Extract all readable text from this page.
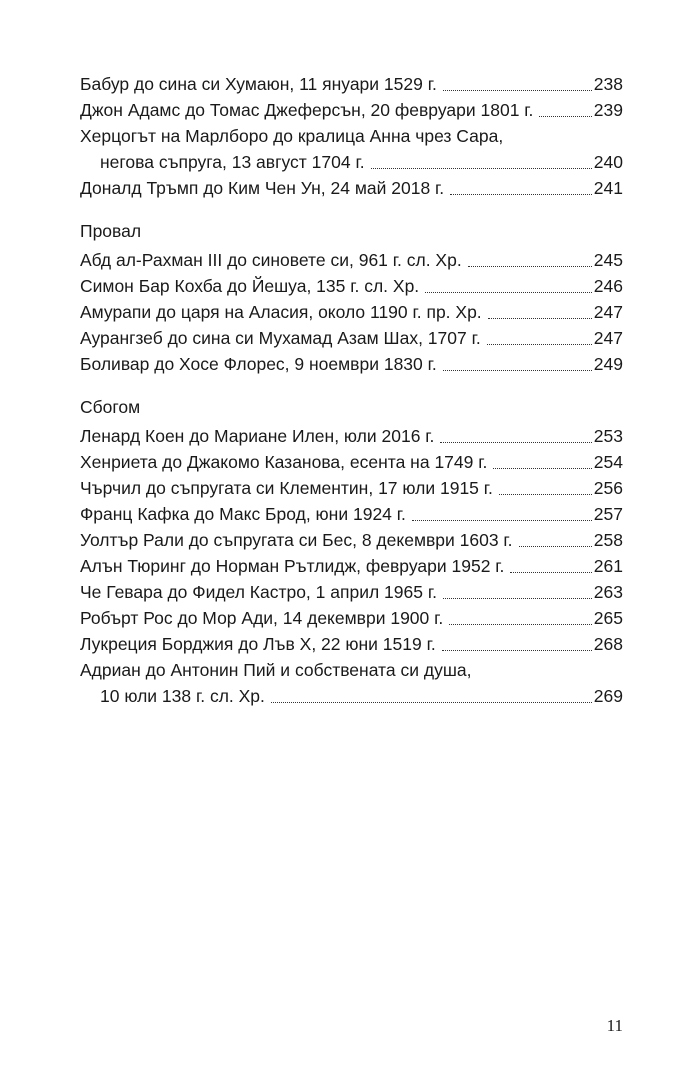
Бабур до сина си Хумаюн, 11 януари 1529 г.	238
Джон Адамс до Томас Джеферсън, 20 февруари 1801 г.	239
Херцогът на Марлборо до кралица Анна чрез Сара,
негова съпруга, 13 август 1704 г.	240
Доналд Тръмп до Ким Чен Ун, 24 май 2018 г.	241
Провал
Абд ал-Рахман III до синовете си, 961 г. сл. Хр.	245
Симон Бар Кохба до Йешуа, 135 г. сл. Хр.	246
Амурапи до царя на Аласия, около 1190 г. пр. Хр.	247
Аурангзеб до сина си Мухамад Азам Шах, 1707 г.	247
Боливар до Хосе Флорес, 9 ноември 1830 г.	249
Сбогом
Ленард Коен до Мариане Илен, юли 2016 г.	253
Хенриета до Джакомо Казанова, есента на 1749 г.	254
Чърчил до съпругата си Клементин, 17 юли 1915 г.	256
Франц Кафка до Макс Брод, юни 1924 г.	257
Уолтър Рали до съпругата си Бес, 8 декември 1603 г.	258
Алън Тюринг до Норман Рътлидж, февруари 1952 г.	261
Че Гевара до Фидел Кастро, 1 април 1965 г.	263
Робърт Рос до Мор Ади, 14 декември 1900 г.	265
Лукреция Борджия до Лъв X, 22 юни 1519 г.	268
Адриан до Антонин Пий и собствената си душа,
10 юли 138 г. сл. Хр.	269
11
